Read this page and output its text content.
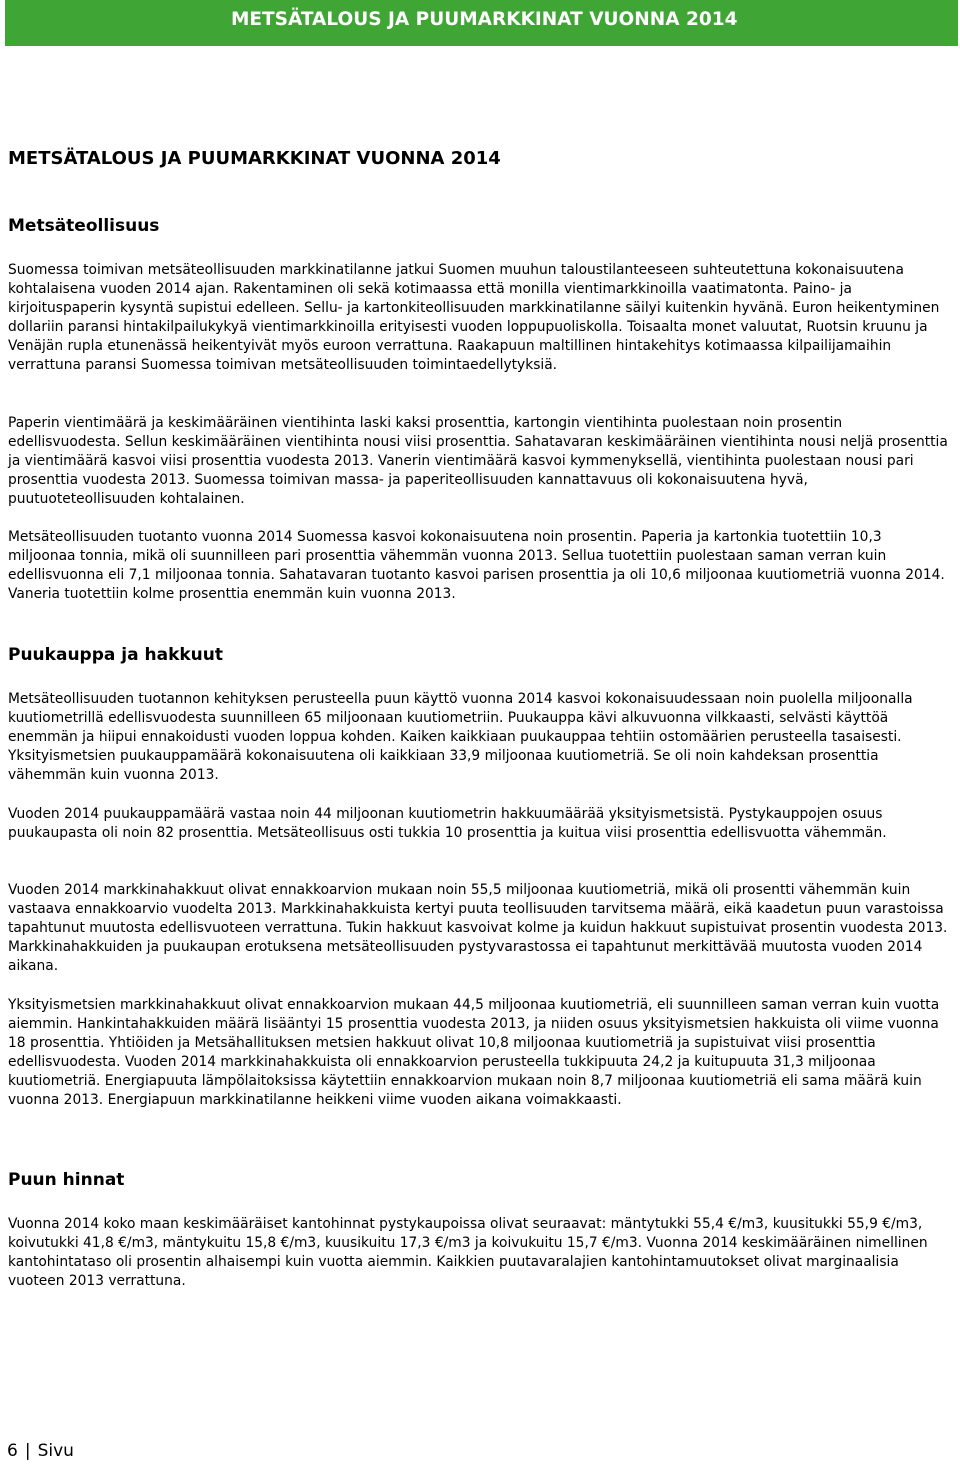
METSÄTALOUS JA PUUMARKKINAT VUONNA 2014
METSÄTALOUS JA PUUMARKKINAT VUONNA 2014
Metsäteollisuus

Suomessa toimivan metsäteollisuuden markkinatilanne jatkui Suomen muuhun taloustilanteeseen suhteutettuna kokonaisuutena kohtalaisena vuoden 2014 ajan. Rakentaminen oli sekä kotimaassa että monilla vientimarkkinoilla vaatimatonta. Paino- ja kirjoituspaperin kysyntä supistui edelleen. Sellu- ja kartonkiteollisuuden markkinatilanne säilyi kuitenkin hyvänä. Euron heikentyminen dollariin paransi hintakilpailukykyä vientimarkkinoilla erityisesti vuoden loppupuoliskolla. Toisaalta monet valuutat, Ruotsin kruunu ja Venäjän rupla etunenässä heikentyivät myös euroon verrattuna. Raakapuun maltillinen hintakehitys kotimaassa kilpailijamaihin verrattuna paransi Suomessa toimivan metsäteollisuuden toimintaedellytyksiä.

Paperin vientimäärä ja keskimääräinen vientihinta laski kaksi prosenttia, kartongin vientihinta puolestaan noin prosentin edellisvuodesta. Sellun keskimääräinen vientihinta nousi viisi prosenttia. Sahatavaran keskimääräinen vientihinta nousi neljä prosenttia ja vientimäärä kasvoi viisi prosenttia vuodesta 2013. Vanerin vientimäärä kasvoi kymmenyksellä, vientihinta puolestaan nousi pari prosenttia vuodesta 2013. Suomessa toimivan massa- ja paperiteollisuuden kannattavuus oli kokonaisuutena hyvä, puutuoteteollisuuden kohtalainen.

Metsäteollisuuden tuotanto vuonna 2014 Suomessa kasvoi kokonaisuutena noin prosentin. Paperia ja kartonkia tuotettiin 10,3 miljoonaa tonnia, mikä oli suunnilleen pari prosenttia vähemmän vuonna 2013. Sellua tuotettiin puolestaan saman verran kuin edellisvuonna eli 7,1 miljoonaa tonnia. Sahatavaran tuotanto kasvoi parisen prosenttia ja oli 10,6 miljoonaa kuutiometriä vuonna 2014. Vaneria tuotettiin kolme prosenttia enemmän kuin vuonna 2013.

Puukauppa ja hakkuut

Metsäteollisuuden tuotannon kehityksen perusteella puun käyttö vuonna 2014 kasvoi kokonaisuudessaan noin puolella miljoonalla kuutiometrillä edellisvuodesta suunnilleen 65 miljoonaan kuutiometriin. Puukauppa kävi alkuvuonna vilkkaasti, selvästi käyttöä enemmän ja hiipui ennakoidusti vuoden loppua kohden. Kaiken kaikkiaan puukauppaa tehtiin ostomäärien perusteella tasaisesti. Yksityismetsien puukauppamäärä kokonaisuutena oli kaikkiaan 33,9 miljoonaa kuutiometriä. Se oli noin kahdeksan prosenttia vähemmän kuin vuonna 2013.

Vuoden 2014 puukauppamäärä vastaa noin 44 miljoonan kuutiometrin hakkuumäärää yksityismetsistä. Pystykauppojen osuus puukaupasta oli noin 82 prosenttia. Metsäteollisuus osti tukkia 10 prosenttia ja kuitua viisi prosenttia edellisvuotta vähemmän.

Vuoden 2014 markkinahakkuut olivat ennakkoarvion mukaan noin 55,5 miljoonaa kuutiometriä, mikä oli prosentti vähemmän kuin vastaava ennakkoarvio vuodelta 2013. Markkinahakkuista kertyi puuta teollisuuden tarvitsema määrä, eikä kaadetun puun varastoissa tapahtunut muutosta edellisvuoteen verrattuna. Tukin hakkuut kasvoivat kolme ja kuidun hakkuut supistuivat prosentin vuodesta 2013. Markkinahakkuiden ja puukaupan erotuksena metsäteollisuuden pystyvarastossa ei tapahtunut merkittävää muutosta vuoden 2014 aikana.

Yksityismetsien markkinahakkuut olivat ennakkoarvion mukaan 44,5 miljoonaa kuutiometriä, eli suunnilleen saman verran kuin vuotta aiemmin. Hankintahakkuiden määrä lisääntyi 15 prosenttia vuodesta 2013, ja niiden osuus yksityismetsien hakkuista oli viime vuonna 18 prosenttia. Yhtiöiden ja Metsähallituksen metsien hakkuut olivat 10,8 miljoonaa kuutiometriä ja supistuivat viisi prosenttia edellisvuodesta. Vuoden 2014 markkinahakkuista oli ennakkoarvion perusteella tukkipuuta 24,2 ja kuitupuuta 31,3 miljoonaa kuutiometriä. Energiapuuta lämpölaitoksissa käytettiin ennakkoarvion mukaan noin 8,7 miljoonaa kuutiometriä eli sama määrä kuin vuonna 2013. Energiapuun markkinatilanne heikkeni viime vuoden aikana voimakkaasti.

Puun hinnat

Vuonna 2014 koko maan keskimääräiset kantohinnat pystykaupoissa olivat seuraavat: mäntytukki 55,4 €/m3, kuusitukki 55,9 €/m3, koivutukki 41,8 €/m3, mäntykuitu 15,8 €/m3, kuusikuitu 17,3 €/m3 ja koivukuitu 15,7 €/m3. Vuonna 2014 keskimääräinen nimellinen kantohintataso oli prosentin alhaisempi kuin vuotta aiemmin. Kaikkien puutavaralajien kantohintamuutokset olivat marginaalisia vuoteen 2013 verrattuna.

6 | Sivu
